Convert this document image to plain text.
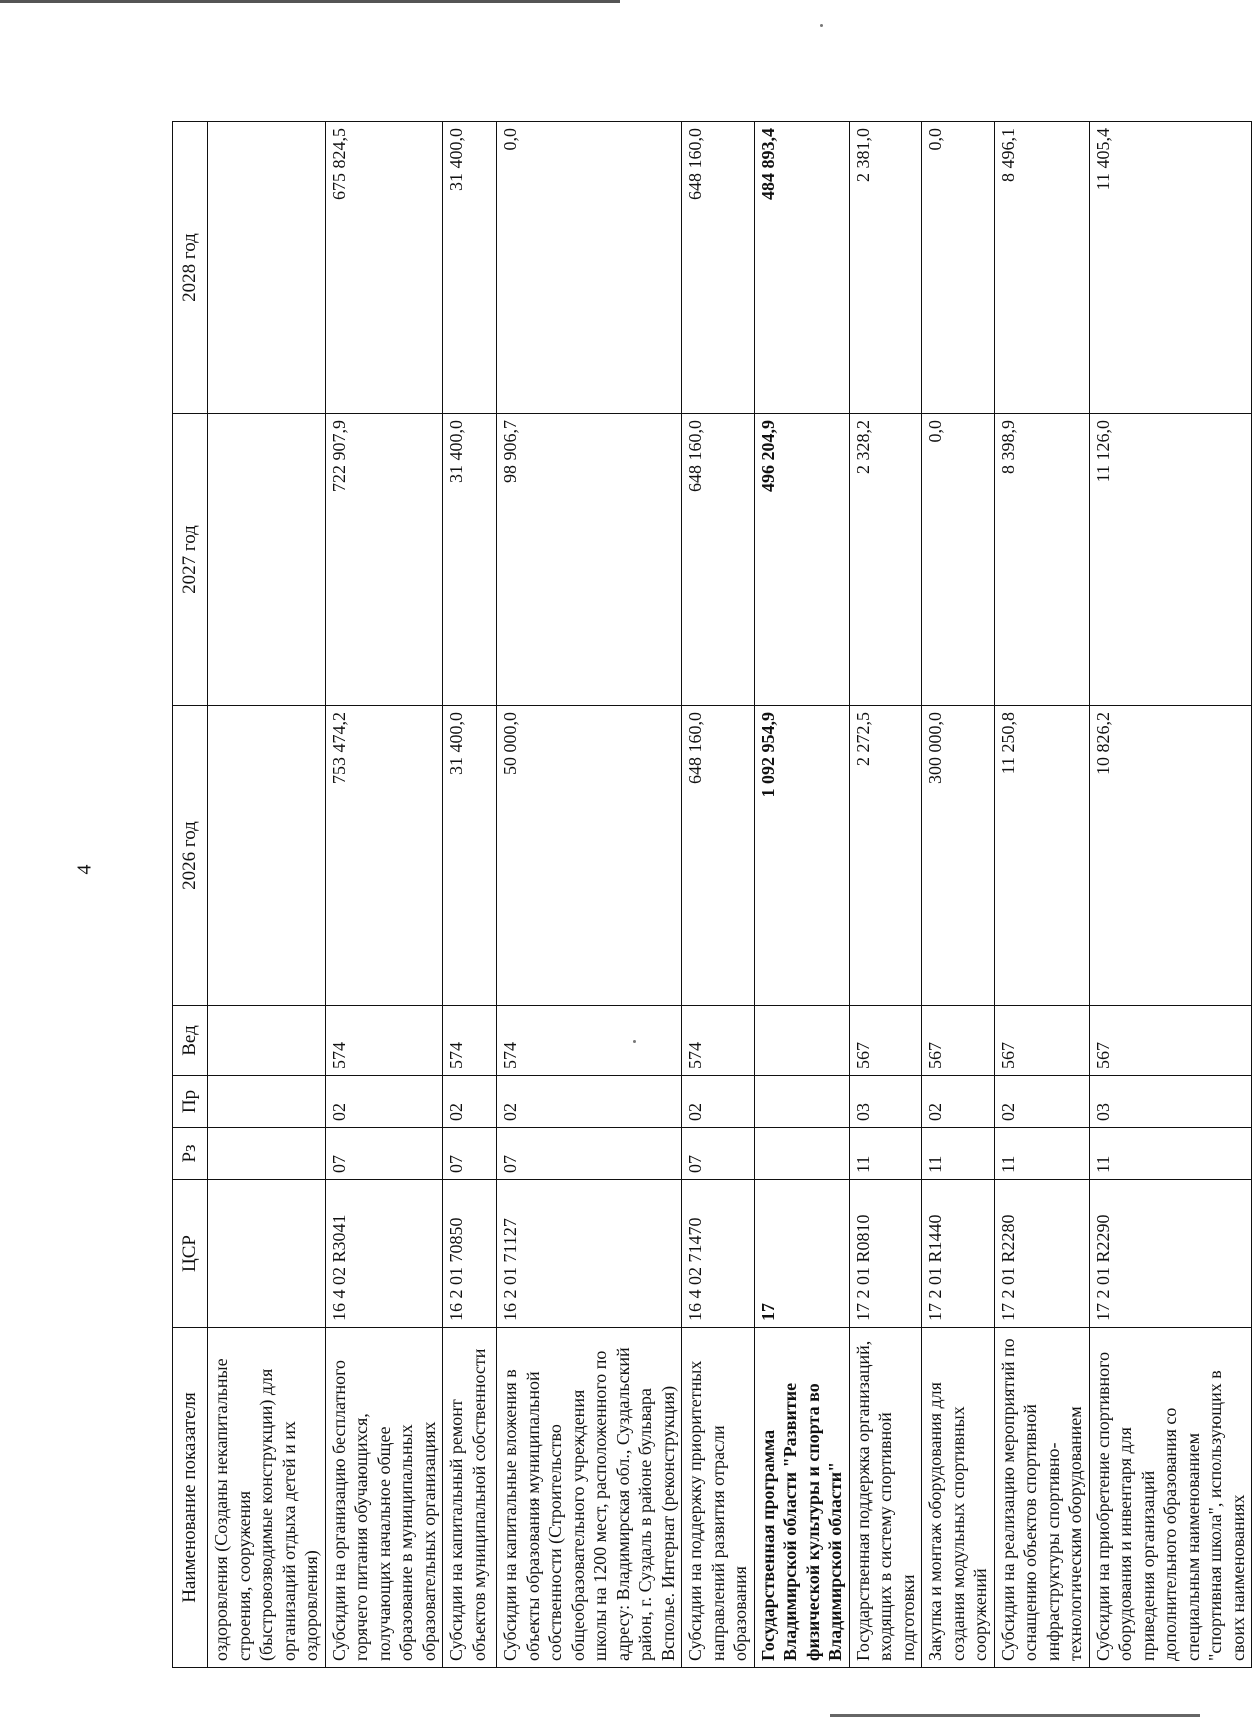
4
Наименование показателя	ЦСР	Рз	Пр	Вед	2026 год	2027 год	2028 год
оздоровления (Созданы некапитальные строения, сооружения (быстровозводимые конструкции) для организаций отдыха детей и их оздоровления)							
Субсидии на организацию бесплатного горячего питания обучающихся, получающих начальное общее образование в муниципальных образовательных организациях	16 4 02 R3041	07	02	574	753 474,2	722 907,9	675 824,5
Субсидии на капитальный ремонт объектов муниципальной собственности	16 2 01 70850	07	02	574	31 400,0	31 400,0	31 400,0
Субсидии на капитальные вложения в объекты образования муниципальной собственности (Строительство общеобразовательного учреждения школы на 1200 мест, расположенного по адресу: Владимирская обл., Суздальский район, г. Суздаль в районе бульвара Всполье. Интернат (реконструкция)	16 2 01 71127	07	02	574	50 000,0	98 906,7	0,0
Субсидии на поддержку приоритетных направлений развития отрасли образования	16 4 02 71470	07	02	574	648 160,0	648 160,0	648 160,0
Государственная программа Владимирской области "Развитие физической культуры и спорта во Владимирской области"	17				1 092 954,9	496 204,9	484 893,4
Государственная поддержка организаций, входящих в систему спортивной подготовки	17 2 01 R0810	11	03	567	2 272,5	2 328,2	2 381,0
Закупка и монтаж оборудования для создания модульных спортивных сооружений	17 2 01 R1440	11	02	567	300 000,0	0,0	0,0
Субсидии на реализацию мероприятий по оснащению объектов спортивной инфраструктуры спортивно-технологическим оборудованием	17 2 01 R2280	11	02	567	11 250,8	8 398,9	8 496,1
Субсидии на приобретение спортивного оборудования и инвентаря для приведения организаций дополнительного образования со специальным наименованием "спортивная школа", использующих в своих наименованиях	17 2 01 R2290	11	03	567	10 826,2	11 126,0	11 405,4
